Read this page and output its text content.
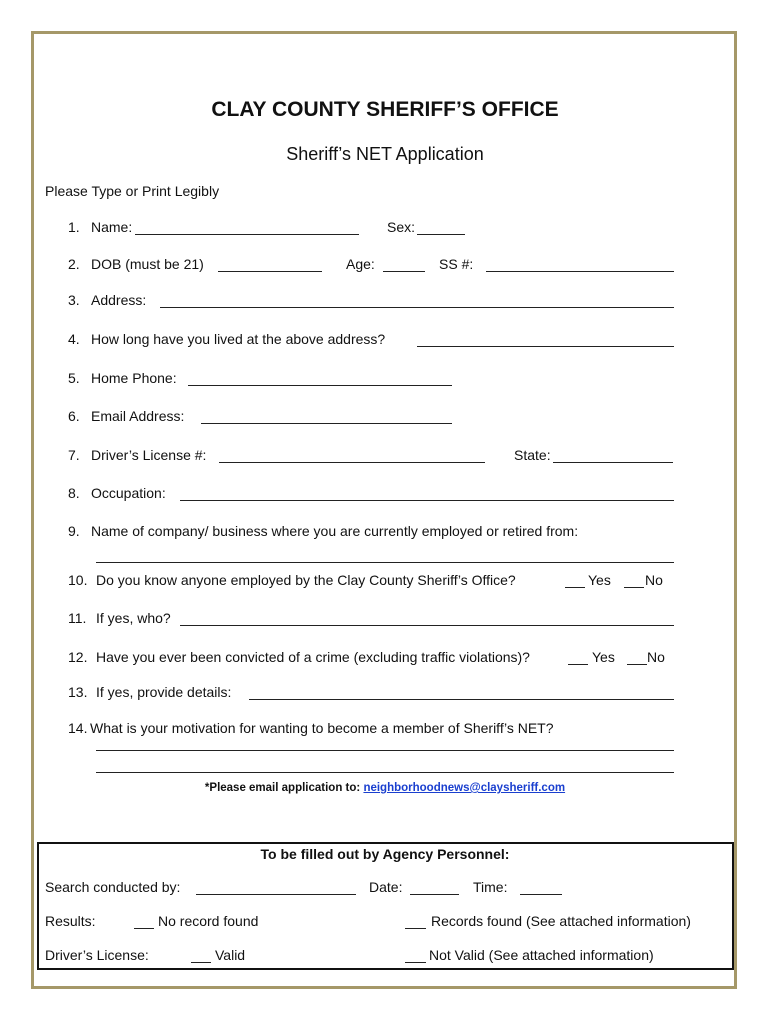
CLAY COUNTY SHERIFF’S OFFICE
Sheriff’s NET Application
Please Type or Print Legibly
1. Name:	Sex:
2. DOB (must be 21)	Age:	SS #:
3. Address:
4. How long have you lived at the above address?
5. Home Phone:
6. Email Address:
7. Driver’s License #:	State:
8. Occupation:
9. Name of company/ business where you are currently employed or retired from:
10. Do you know anyone employed by the Clay County Sheriff’s Office?	Yes No
11. If yes, who?
12. Have you ever been convicted of a crime (excluding traffic violations)?	Yes No
13. If yes, provide details:
14. What is your motivation for wanting to become a member of Sheriff’s NET?
*Please email application to: neighborhoodnews@claysheriff.com
To be filled out by Agency Personnel:
Search conducted by:	Date:	Time:
Results:	No record found	Records found (See attached information)
Driver’s License:	Valid	Not Valid (See attached information)
